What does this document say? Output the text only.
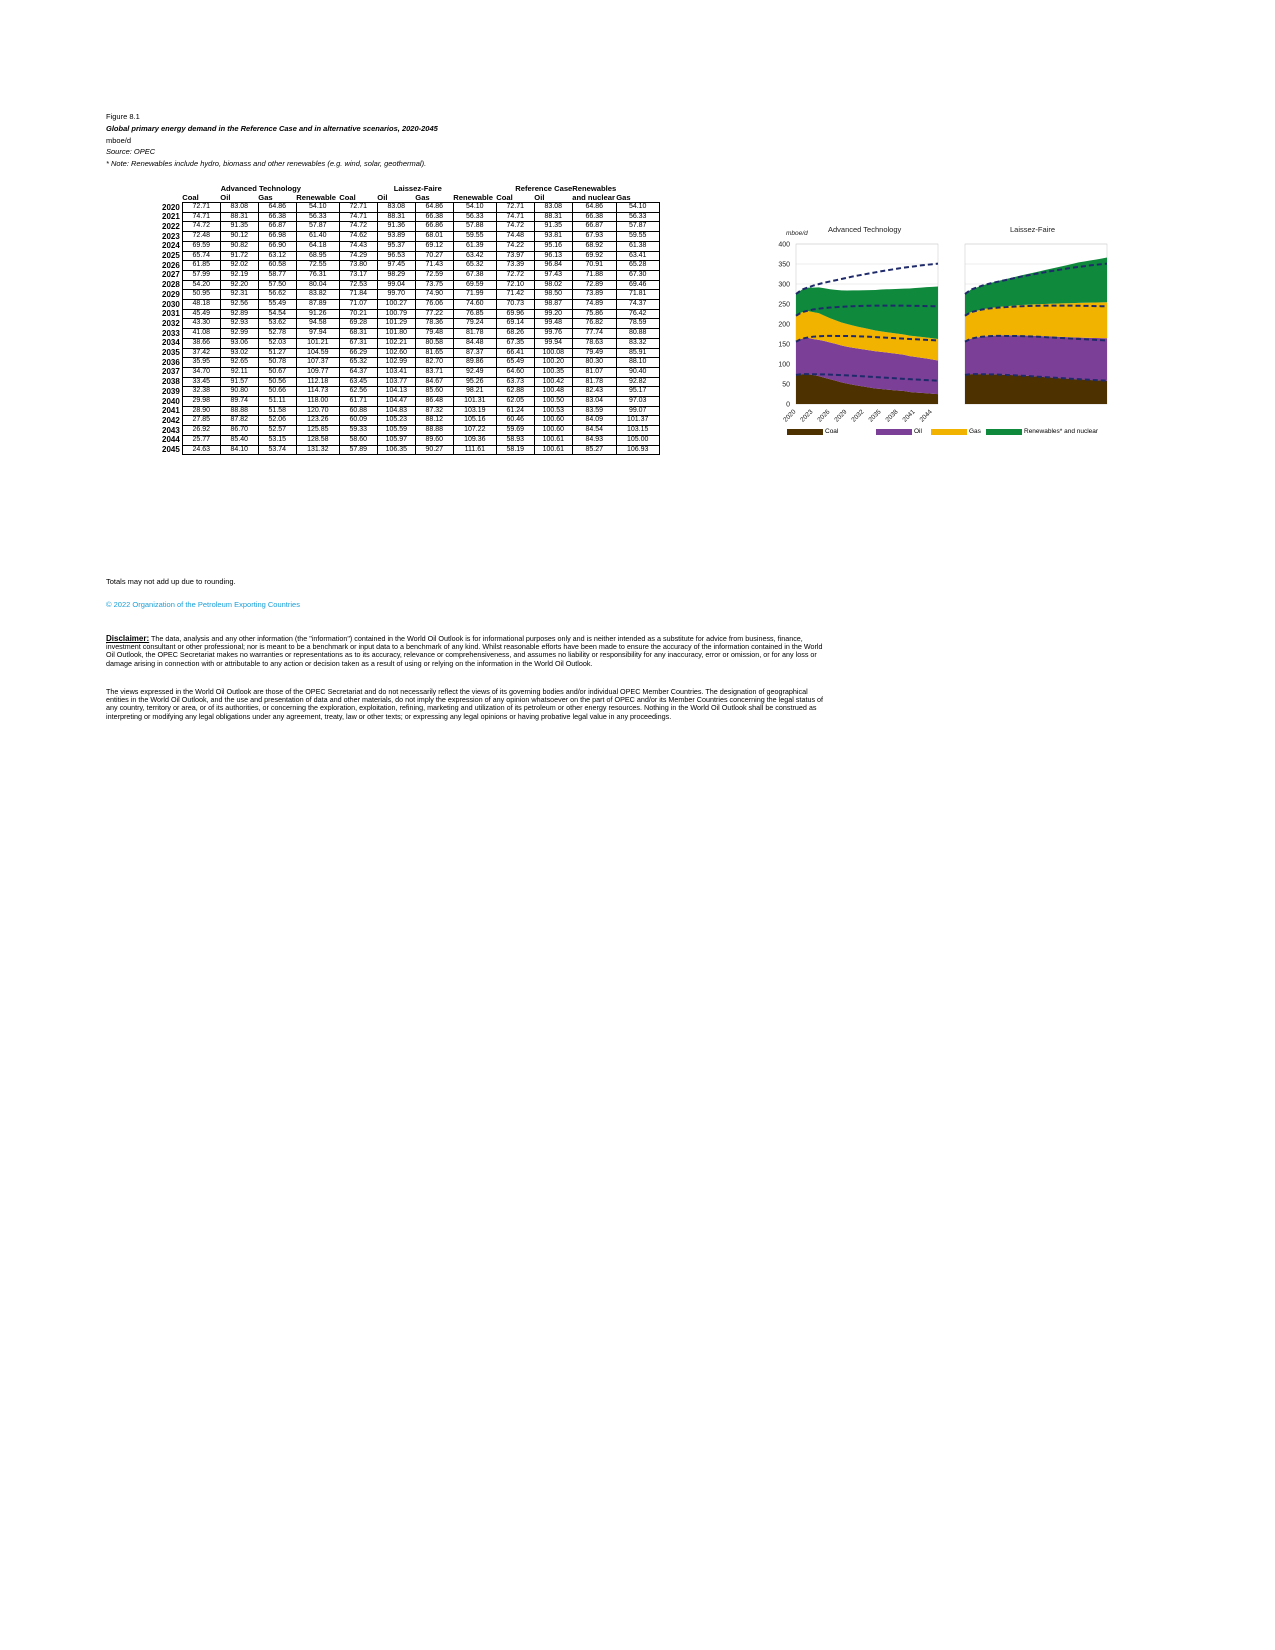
Figure 8.1
Global primary energy demand in the Reference Case and in alternative scenarios, 2020-2045
mboe/d
Source: OPEC
* Note: Renewables include hydro, biomass and other renewables (e.g. wind, solar, geothermal).
	Advanced Technology				Laissez-Faire				Reference Case		Renewables and nuclear	
	Coal	Oil	Gas	Renewable	Coal	Oil	Gas	Renewable	Coal	Oil		Gas
2020	72.71	83.08	64.86	54.10	72.71	83.08	64.86	54.10	72.71	83.08	64.86	54.10
2021	74.71	88.31	66.38	56.33	74.71	88.31	66.38	56.33	74.71	88.31	66.38	56.33
2022	74.72	91.35	66.87	57.87	74.72	91.36	66.86	57.88	74.72	91.35	66.87	57.87
2023	72.48	90.12	66.98	61.40	74.62	93.89	68.01	59.55	74.48	93.81	67.93	59.55
2024	69.59	90.82	66.90	64.18	74.43	95.37	69.12	61.39	74.22	95.16	68.92	61.38
2025	65.74	91.72	63.12	68.95	74.29	96.53	70.27	63.42	73.97	96.13	69.92	63.41
2026	61.85	92.02	60.58	72.55	73.80	97.45	71.43	65.32	73.39	96.84	70.91	65.28
2027	57.99	92.19	58.77	76.31	73.17	98.29	72.59	67.38	72.72	97.43	71.88	67.30
2028	54.20	92.20	57.50	80.04	72.53	99.04	73.75	69.59	72.10	98.02	72.89	69.46
2029	50.95	92.31	56.62	83.82	71.84	99.70	74.90	71.99	71.42	98.50	73.89	71.81
2030	48.18	92.56	55.49	87.89	71.07	100.27	76.06	74.60	70.73	98.87	74.89	74.37
2031	45.49	92.89	54.54	91.26	70.21	100.79	77.22	76.85	69.96	99.20	75.86	76.42
2032	43.30	92.93	53.62	94.58	69.28	101.29	78.36	79.24	69.14	99.48	76.82	78.59
2033	41.08	92.99	52.78	97.94	68.31	101.80	79.48	81.78	68.26	99.76	77.74	80.88
2034	38.66	93.06	52.03	101.21	67.31	102.21	80.58	84.48	67.35	99.94	78.63	83.32
2035	37.42	93.02	51.27	104.59	66.29	102.60	81.65	87.37	66.41	100.08	79.49	85.91
2036	35.95	92.65	50.78	107.37	65.32	102.99	82.70	89.86	65.49	100.20	80.30	88.10
2037	34.70	92.11	50.67	109.77	64.37	103.41	83.71	92.49	64.60	100.35	81.07	90.40
2038	33.45	91.57	50.56	112.18	63.45	103.77	84.67	95.26	63.73	100.42	81.78	92.82
2039	32.38	90.80	50.66	114.73	62.56	104.13	85.60	98.21	62.88	100.48	82.43	95.17
2040	29.98	89.74	51.11	118.00	61.71	104.47	86.48	101.31	62.05	100.50	83.04	97.03
2041	28.90	88.88	51.58	120.70	60.88	104.83	87.32	103.19	61.24	100.53	83.59	99.07
2042	27.85	87.82	52.06	123.26	60.09	105.23	88.12	105.16	60.46	100.60	84.09	101.37
2043	26.92	86.70	52.57	125.85	59.33	105.59	88.88	107.22	59.69	100.60	84.54	103.15
2044	25.77	85.40	53.15	128.58	58.60	105.97	89.60	109.36	58.93	100.61	84.93	105.00
2045	24.63	84.10	53.74	131.32	57.89	106.35	90.27	111.61	58.19	100.61	85.27	106.93
Advanced Technology	Laissez-Faire
0
50
100
150
200
250
300
350
400
mboe/d
2020 2023 2026 2029 2032 2035 2038 2041 2044
Coal	Oil	Gas	Renewables* and nuclear
Totals may not add up due to rounding.
© 2022 Organization of the Petroleum Exporting Countries
Disclaimer: The data, analysis and any other information (the "information") contained in the World Oil Outlook is for informational purposes only and is neither intended as a substitute for advice from business, finance, investment consultant or other professional; nor is meant to be a benchmark or input data to a benchmark of any kind. Whilst reasonable efforts have been made to ensure the accuracy of the information contained in the World Oil Outlook, the OPEC Secretariat makes no warranties or representations as to its accuracy, relevance or comprehensiveness, and assumes no liability or responsibility for any inaccuracy, error or omission, or for any loss or damage arising in connection with or attributable to any action or decision taken as a result of using or relying on the information in the World Oil Outlook.
The views expressed in the World Oil Outlook are those of the OPEC Secretariat and do not necessarily reflect the views of its governing bodies and/or individual OPEC Member Countries. The designation of geographical entities in the World Oil Outlook, and the use and presentation of data and other materials, do not imply the expression of any opinion whatsoever on the part of OPEC and/or its Member Countries concerning the legal status of any country, territory or area, or of its authorities, or concerning the exploration, exploitation, refining, marketing and utilization of its petroleum or other energy resources. Nothing in the World Oil Outlook shall be construed as interpreting or modifying any legal obligations under any agreement, treaty, law or other texts; or expressing any legal opinions or having probative legal value in any proceedings.
